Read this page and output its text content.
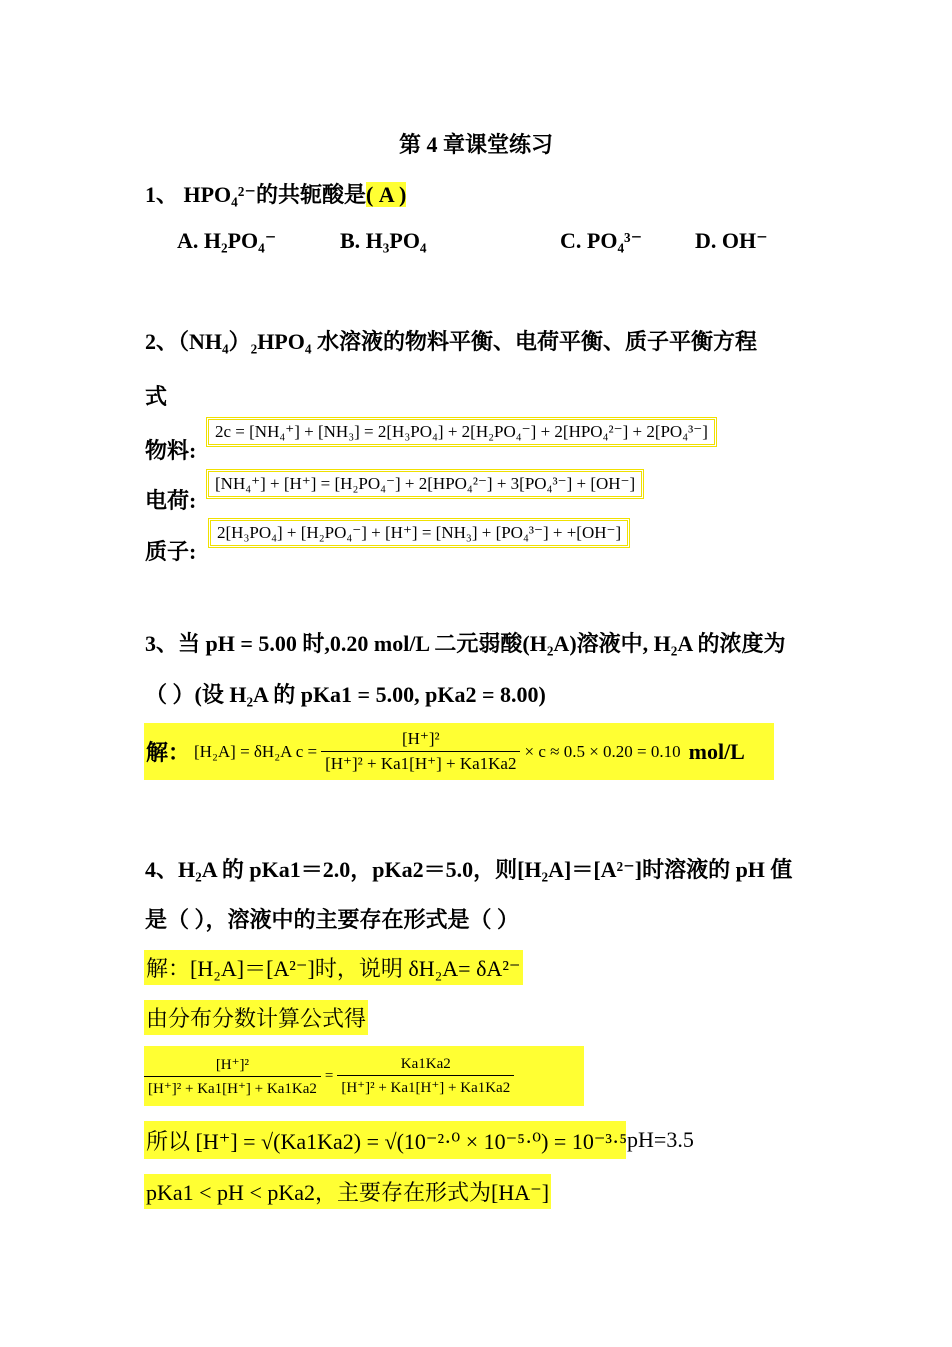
第 4 章课堂练习
1、 HPO₄²⁻的共轭酸是( A )
A. H₂PO₄⁻	B. H₃PO₄	C. PO₄³⁻ D. OH⁻
2、（NH₄）₂HPO₄ 水溶液的物料平衡、电荷平衡、质子平衡方程
式
物料:
2c = [NH₄⁺] + [NH₃] = 2[H₃PO₄] + 2[H₂PO₄⁻] + 2[HPO₄²⁻] + 2[PO₄³⁻]
电荷:
[NH₄⁺] + [H⁺] = [H₂PO₄⁻] + 2[HPO₄²⁻] + 3[PO₄³⁻] + [OH⁻]
质子:
2[H₃PO₄] + [H₂PO₄⁻] + [H⁺] = [NH₃] + [PO₄³⁻] + +[OH⁻]
3、当 pH = 5.00 时,0.20 mol/L 二元弱酸(H₂A)溶液中, H₂A 的浓度为
（ ）(设 H₂A 的 pKa1 = 5.00, pKa2 = 8.00)
解： [H₂A] = δH₂A $c = \frac{\text{[H⁺]²}}{\text{[H⁺]² + Ka1[H⁺] + Ka1Ka2}} \times c \approx 0.5 \times 0.20 = 0.10$ mol/L
4、H₂A 的 pKa1＝2.0，pKa2＝5.0，则[H₂A]＝[A²⁻]时溶液的 pH 值
是（ ），溶液中的主要存在形式是（ ）
解：[H₂A]＝[A²⁻]时，说明 δH₂A= δA²⁻
由分布分数计算公式得
$\frac{\text{[H⁺]²}}{\text{[H⁺]² + Ka1[H⁺] + Ka1Ka2}} = \frac{Ka1Ka2}{\text{[H⁺]² + Ka1[H⁺] + Ka1Ka2}}$
所以 [H⁺] = √(Ka1Ka2) = √(10⁻²·⁰ × 10⁻⁵·⁰) = 10⁻³·⁵ pH=3.5
pKa1 < pH < pKa2，主要存在形式为[HA⁻]
